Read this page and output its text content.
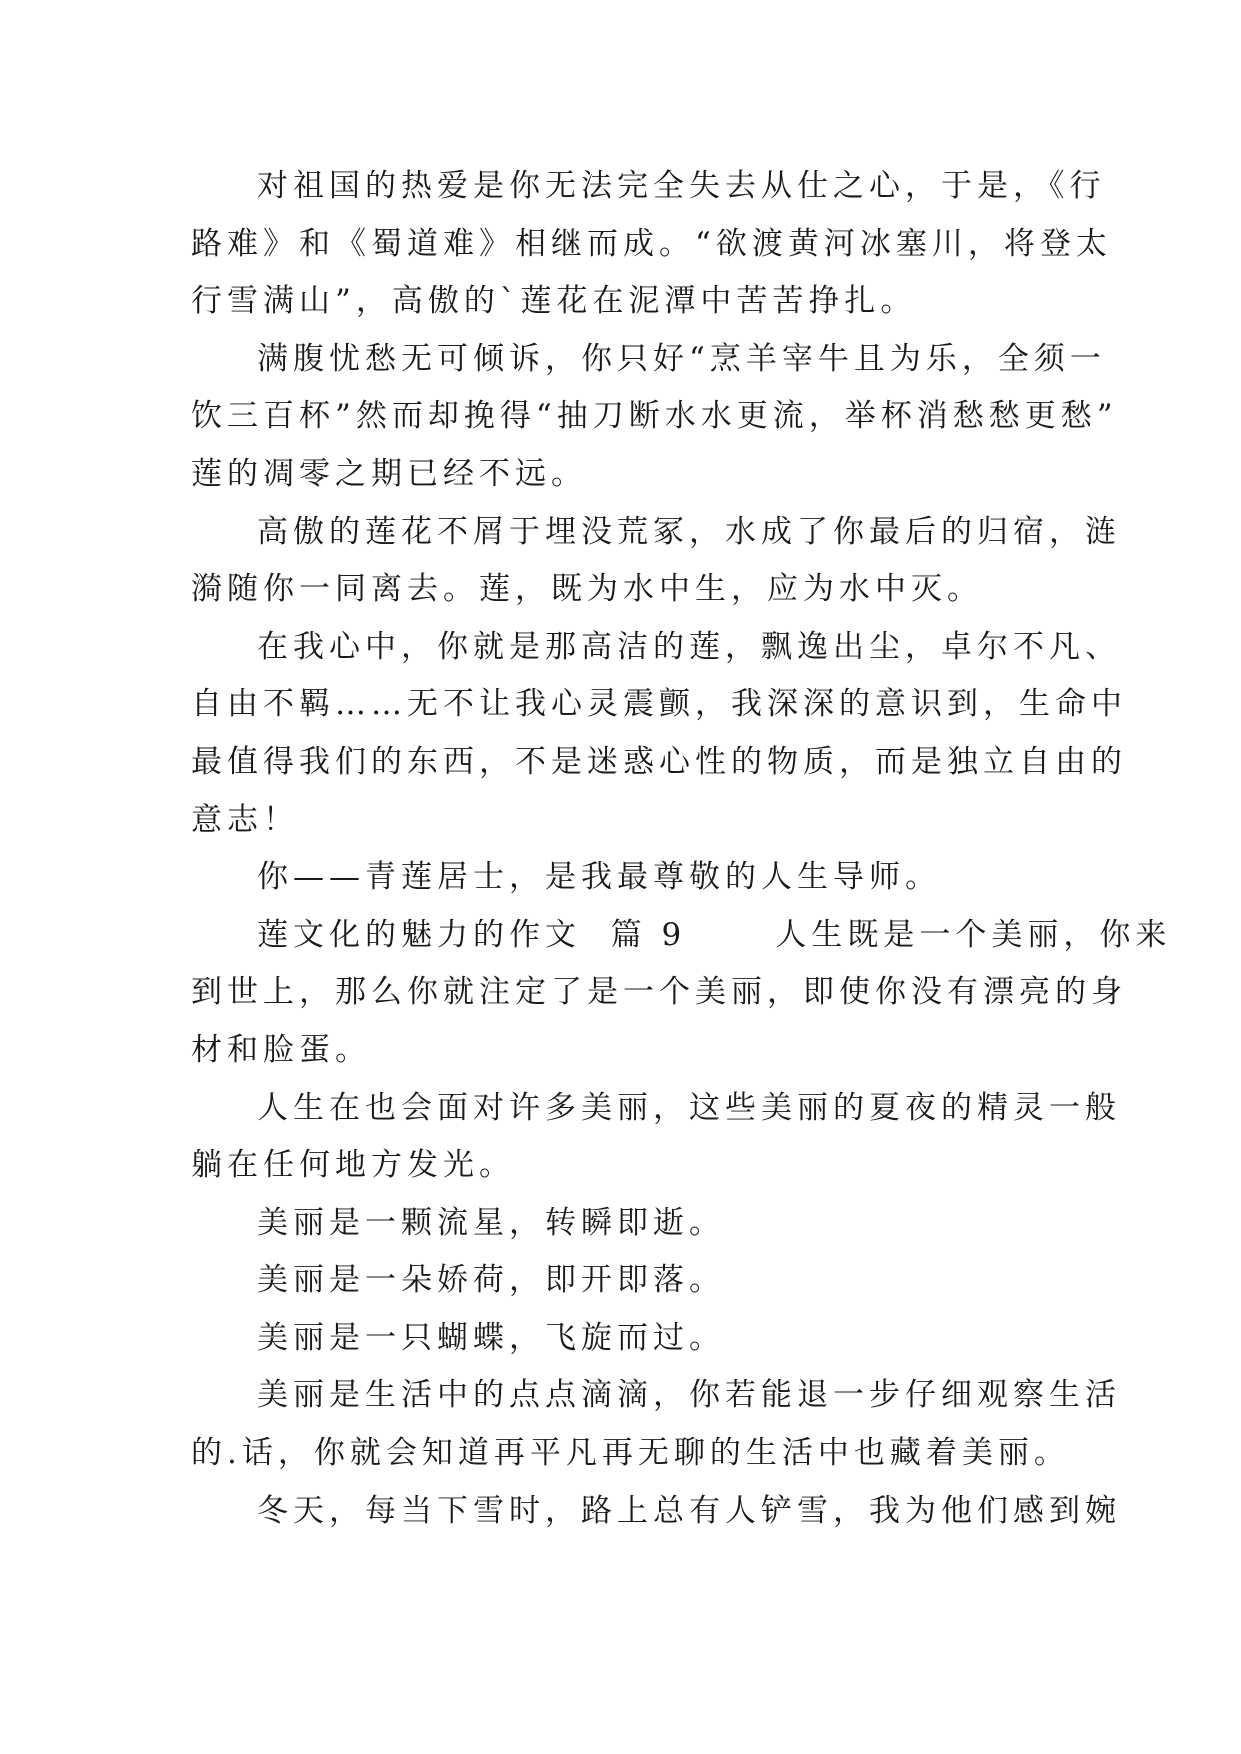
对祖国的热爱是你无法完全失去从仕之心，于是，《行
路难》和《蜀道难》相继而成。“欲渡黄河冰塞川，将登太
行雪满山”，高傲的`莲花在泥潭中苦苦挣扎。
满腹忧愁无可倾诉，你只好“烹羊宰牛且为乐，全须一
饮三百杯”然而却挽得“抽刀断水水更流，举杯消愁愁更愁”
莲的凋零之期已经不远。
高傲的莲花不屑于埋没荒冢，水成了你最后的归宿，涟
漪随你一同离去。莲，既为水中生，应为水中灭。
在我心中，你就是那高洁的莲，飘逸出尘，卓尔不凡、
自由不羁……无不让我心灵震颤，我深深的意识到，生命中
最值得我们的东西，不是迷惑心性的物质，而是独立自由的
意志！
你——青莲居士，是我最尊敬的人生导师。
莲文化的魅力的作文  篇 9      人生既是一个美丽，你来
到世上，那么你就注定了是一个美丽，即使你没有漂亮的身
材和脸蛋。
人生在也会面对许多美丽，这些美丽的夏夜的精灵一般
躺在任何地方发光。
美丽是一颗流星，转瞬即逝。
美丽是一朵娇荷，即开即落。
美丽是一只蝴蝶，飞旋而过。
美丽是生活中的点点滴滴，你若能退一步仔细观察生活
的.话，你就会知道再平凡再无聊的生活中也藏着美丽。
冬天，每当下雪时，路上总有人铲雪，我为他们感到婉
